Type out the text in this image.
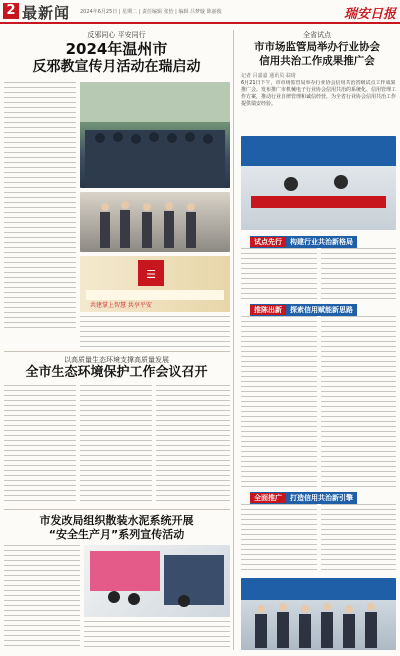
2 最新闻 2024年6月25日 | 星期二 | 责任编辑 张怡 | 编辑 吕梦璇 陈丽俊	瑞安日报
反邪同心 平安同行
2024年温州市
反邪教宣传月活动在瑞启动
☰
共建掌上智慧 共享平安
以高质量生态环境支撑高质量发展
全市生态环境保护工作会议召开
市发改局组织散装水泥系统开展
“安全生产月”系列宣传活动
全省试点
市市场监管局举办行业协会
信用共治工作成果推广会
记者 吕嘉嘉 通讯员 翁琦
6月21日下午，市市场监管局举办行业协会信用共治省级试点工作成果推广会。发布推广市机械电子行业协会信用共治的系统化、信用管理工作方案，推动行业自律管理和诚信经营，为全省行业协会信用共治工作提供瑞安经验。
试点先行 构建行业共治新格局
推陈出新 探索信用赋能新思路
全面推广 打造信用共治新引擎
